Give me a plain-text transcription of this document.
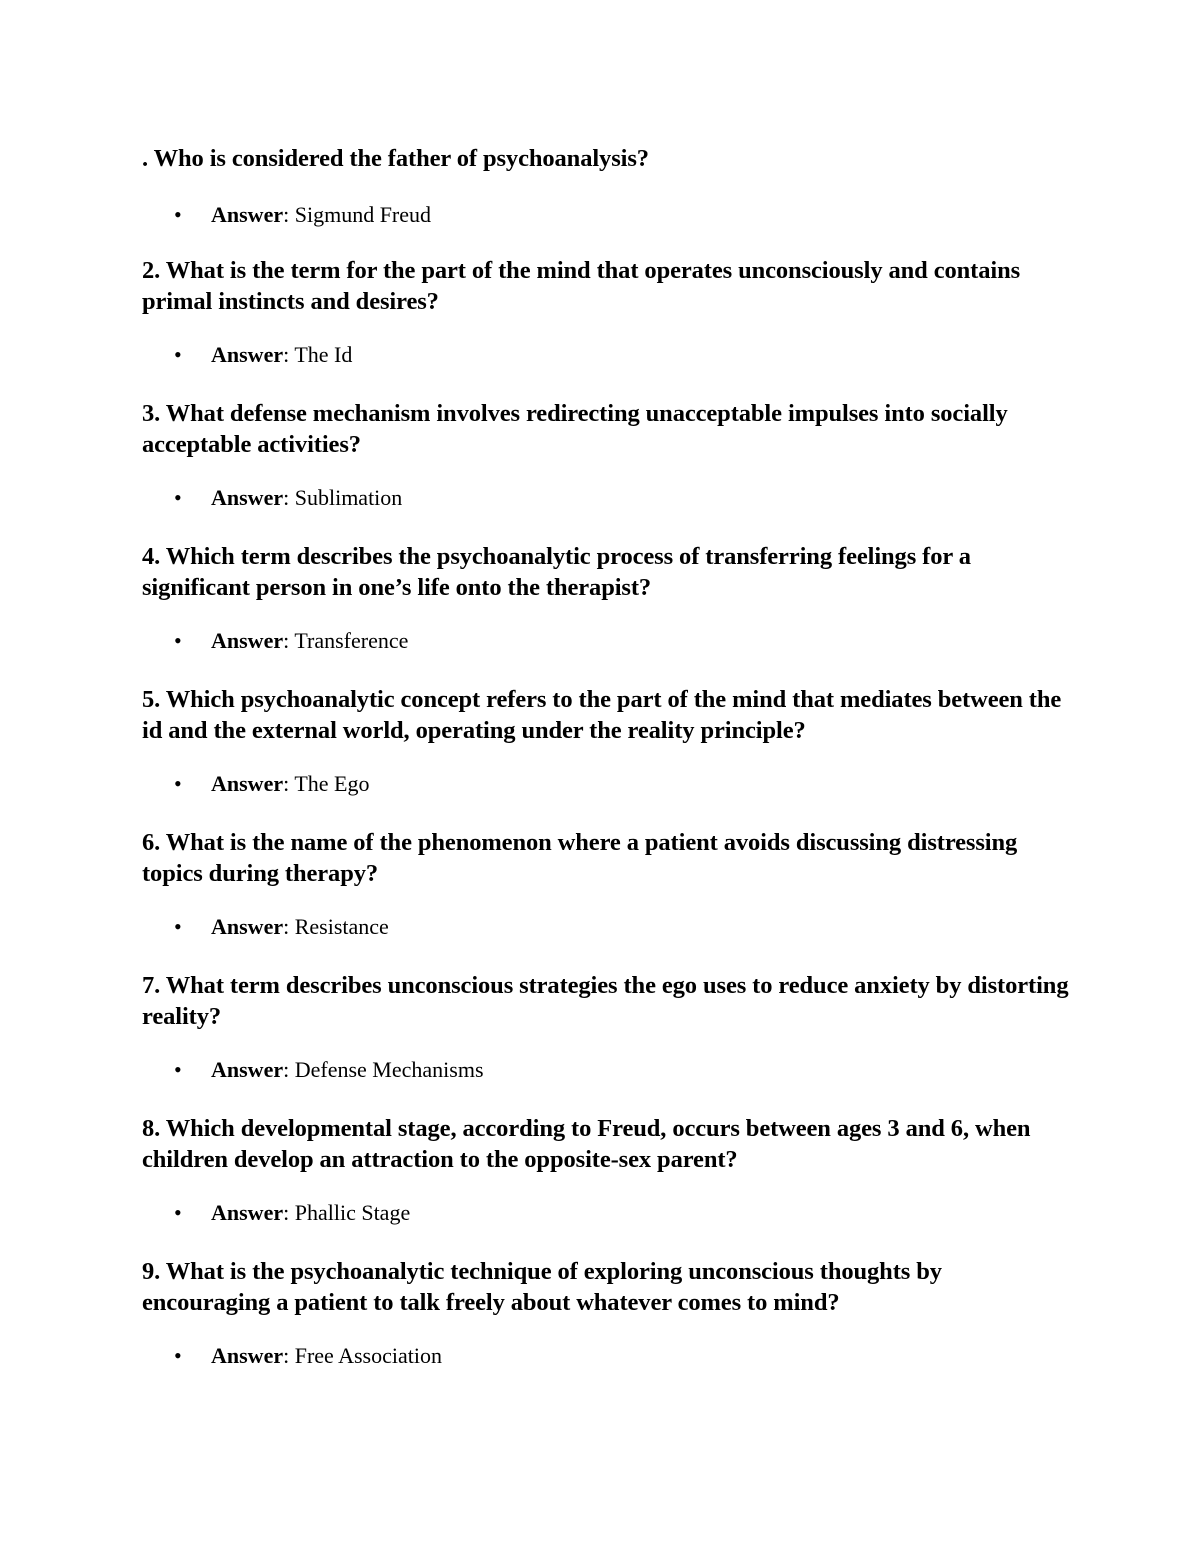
. Who is considered the father of psychoanalysis?

• Answer: Sigmund Freud

2. What is the term for the part of the mind that operates unconsciously and contains primal instincts and desires?

• Answer: The Id

3. What defense mechanism involves redirecting unacceptable impulses into socially acceptable activities?

• Answer: Sublimation

4. Which term describes the psychoanalytic process of transferring feelings for a significant person in one’s life onto the therapist?

• Answer: Transference

5. Which psychoanalytic concept refers to the part of the mind that mediates between the id and the external world, operating under the reality principle?

• Answer: The Ego

6. What is the name of the phenomenon where a patient avoids discussing distressing topics during therapy?

• Answer: Resistance

7. What term describes unconscious strategies the ego uses to reduce anxiety by distorting reality?

• Answer: Defense Mechanisms

8. Which developmental stage, according to Freud, occurs between ages 3 and 6, when children develop an attraction to the opposite-sex parent?

• Answer: Phallic Stage

9. What is the psychoanalytic technique of exploring unconscious thoughts by encouraging a patient to talk freely about whatever comes to mind?

• Answer: Free Association
